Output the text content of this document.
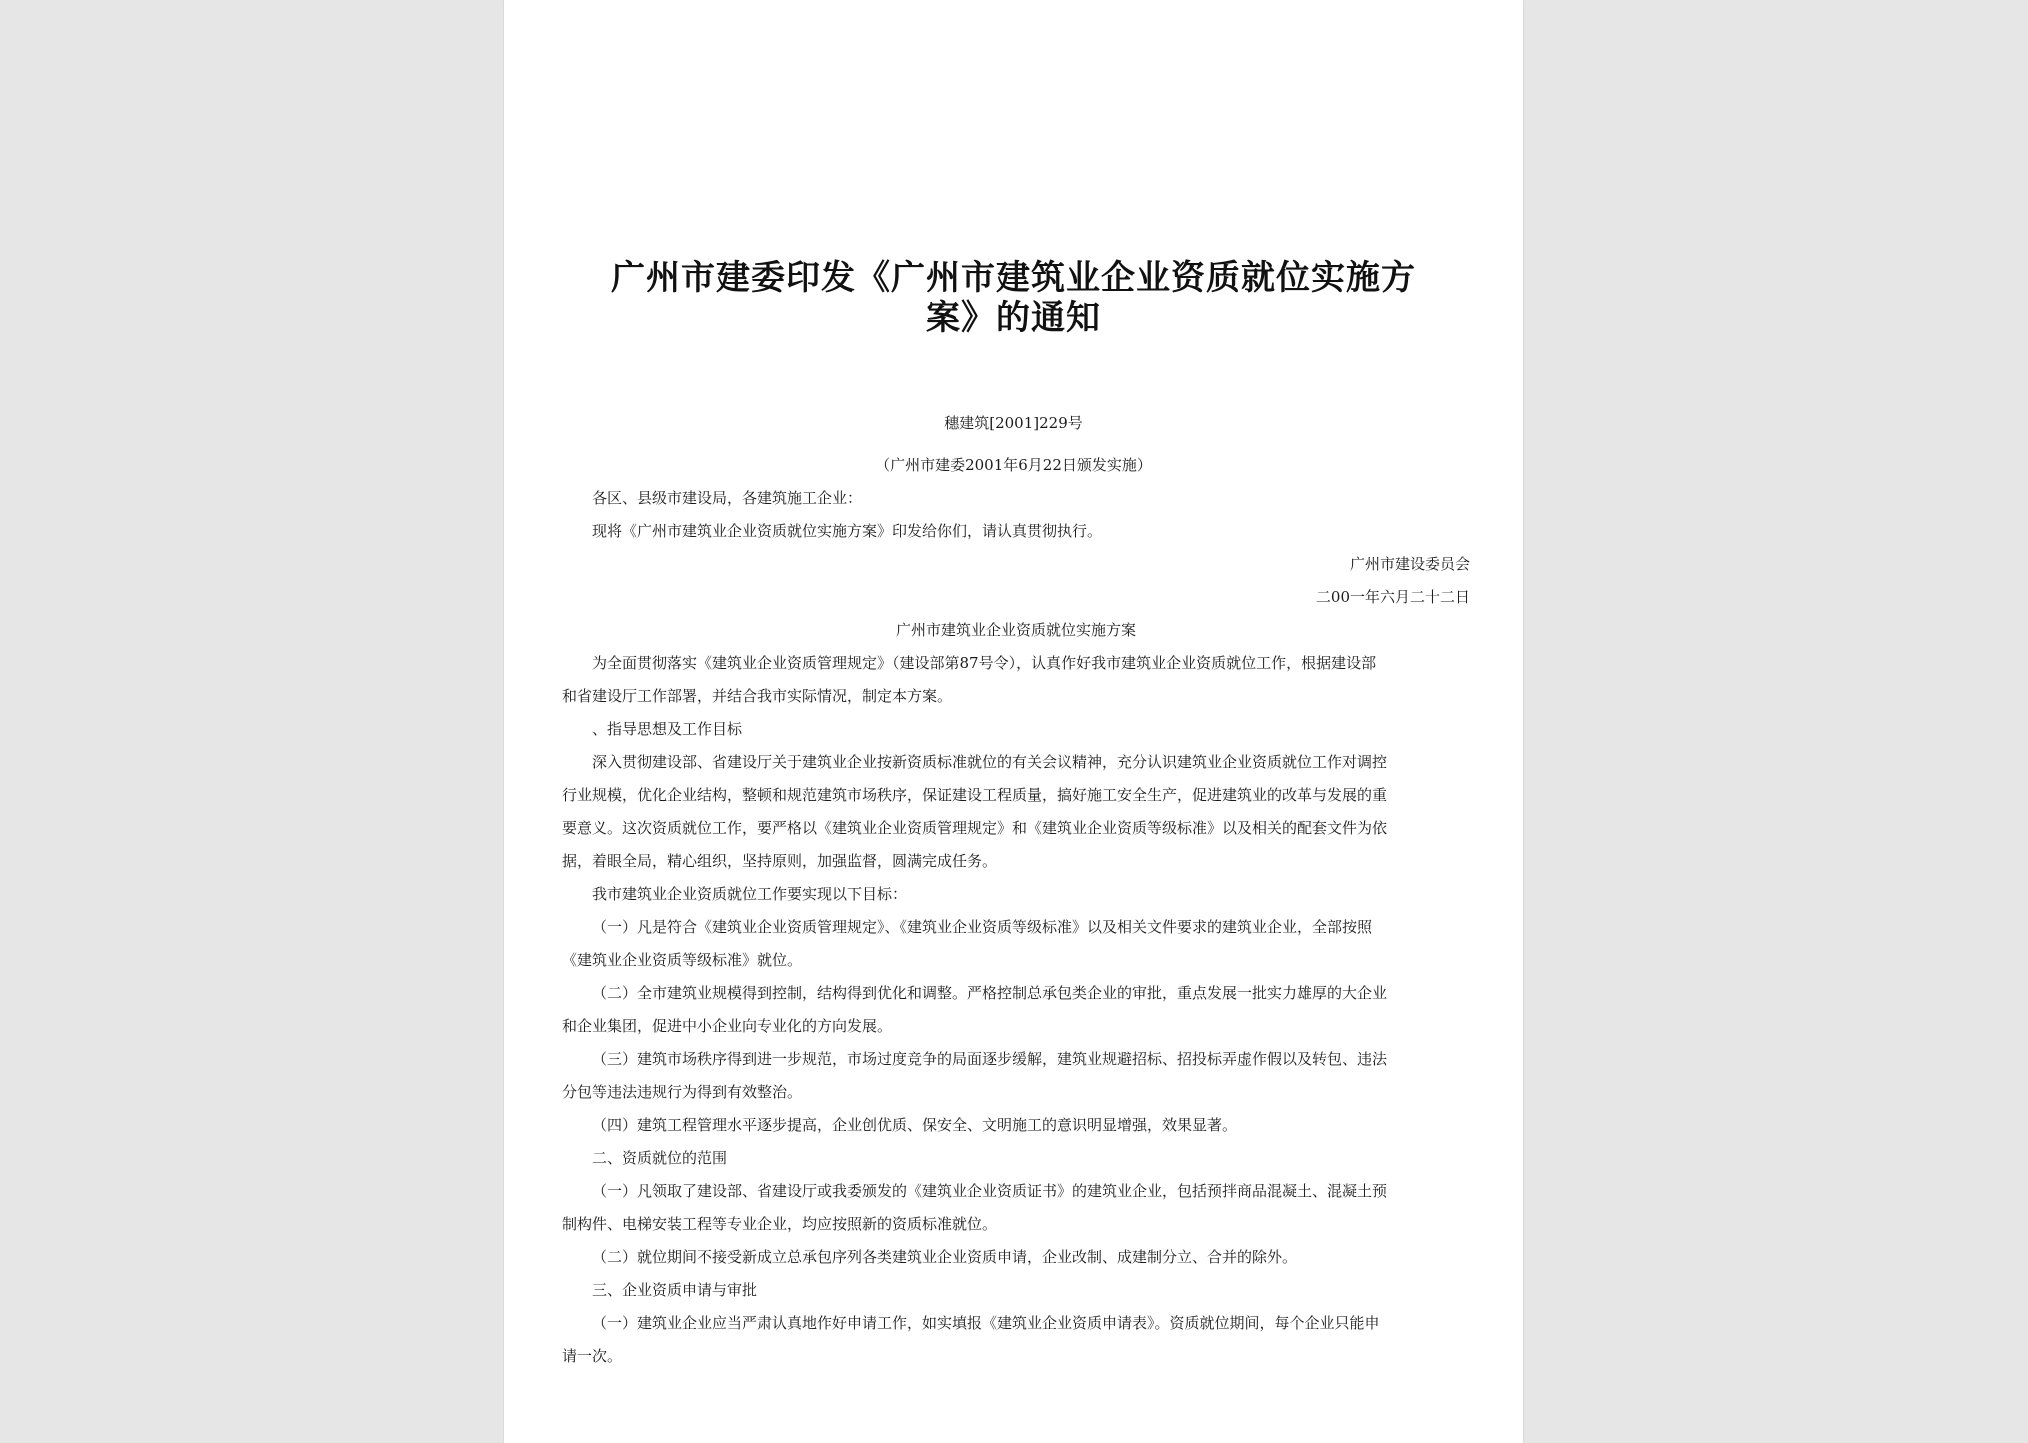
广州市建委印发《广州市建筑业企业资质就位实施方
案》的通知
穗建筑[2001]229号
（广州市建委2001年6月22日颁发实施）
各区、县级市建设局，各建筑施工企业：
现将《广州市建筑业企业资质就位实施方案》印发给你们，请认真贯彻执行。
广州市建设委员会
二00一年六月二十二日
广州市建筑业企业资质就位实施方案
为全面贯彻落实《建筑业企业资质管理规定》（建设部第87号令），认真作好我市建筑业企业资质就位工作，根据建设部
和省建设厅工作部署，并结合我市实际情况，制定本方案。
、指导思想及工作目标
深入贯彻建设部、省建设厅关于建筑业企业按新资质标准就位的有关会议精神，充分认识建筑业企业资质就位工作对调控
行业规模，优化企业结构，整顿和规范建筑市场秩序，保证建设工程质量，搞好施工安全生产，促进建筑业的改革与发展的重
要意义。这次资质就位工作，要严格以《建筑业企业资质管理规定》和《建筑业企业资质等级标准》以及相关的配套文件为依
据，着眼全局，精心组织，坚持原则，加强监督，圆满完成任务。
我市建筑业企业资质就位工作要实现以下目标：
（一）凡是符合《建筑业企业资质管理规定》、《建筑业企业资质等级标准》以及相关文件要求的建筑业企业，全部按照
《建筑业企业资质等级标准》就位。
（二）全市建筑业规模得到控制，结构得到优化和调整。严格控制总承包类企业的审批，重点发展一批实力雄厚的大企业
和企业集团，促进中小企业向专业化的方向发展。
（三）建筑市场秩序得到进一步规范，市场过度竞争的局面逐步缓解，建筑业规避招标、招投标弄虚作假以及转包、违法
分包等违法违规行为得到有效整治。
（四）建筑工程管理水平逐步提高，企业创优质、保安全、文明施工的意识明显增强，效果显著。
二、资质就位的范围
（一）凡领取了建设部、省建设厅或我委颁发的《建筑业企业资质证书》的建筑业企业，包括预拌商品混凝土、混凝土预
制构件、电梯安装工程等专业企业，均应按照新的资质标准就位。
（二）就位期间不接受新成立总承包序列各类建筑业企业资质申请，企业改制、成建制分立、合并的除外。
三、企业资质申请与审批
（一）建筑业企业应当严肃认真地作好申请工作，如实填报《建筑业企业资质申请表》。资质就位期间，每个企业只能申
请一次。
